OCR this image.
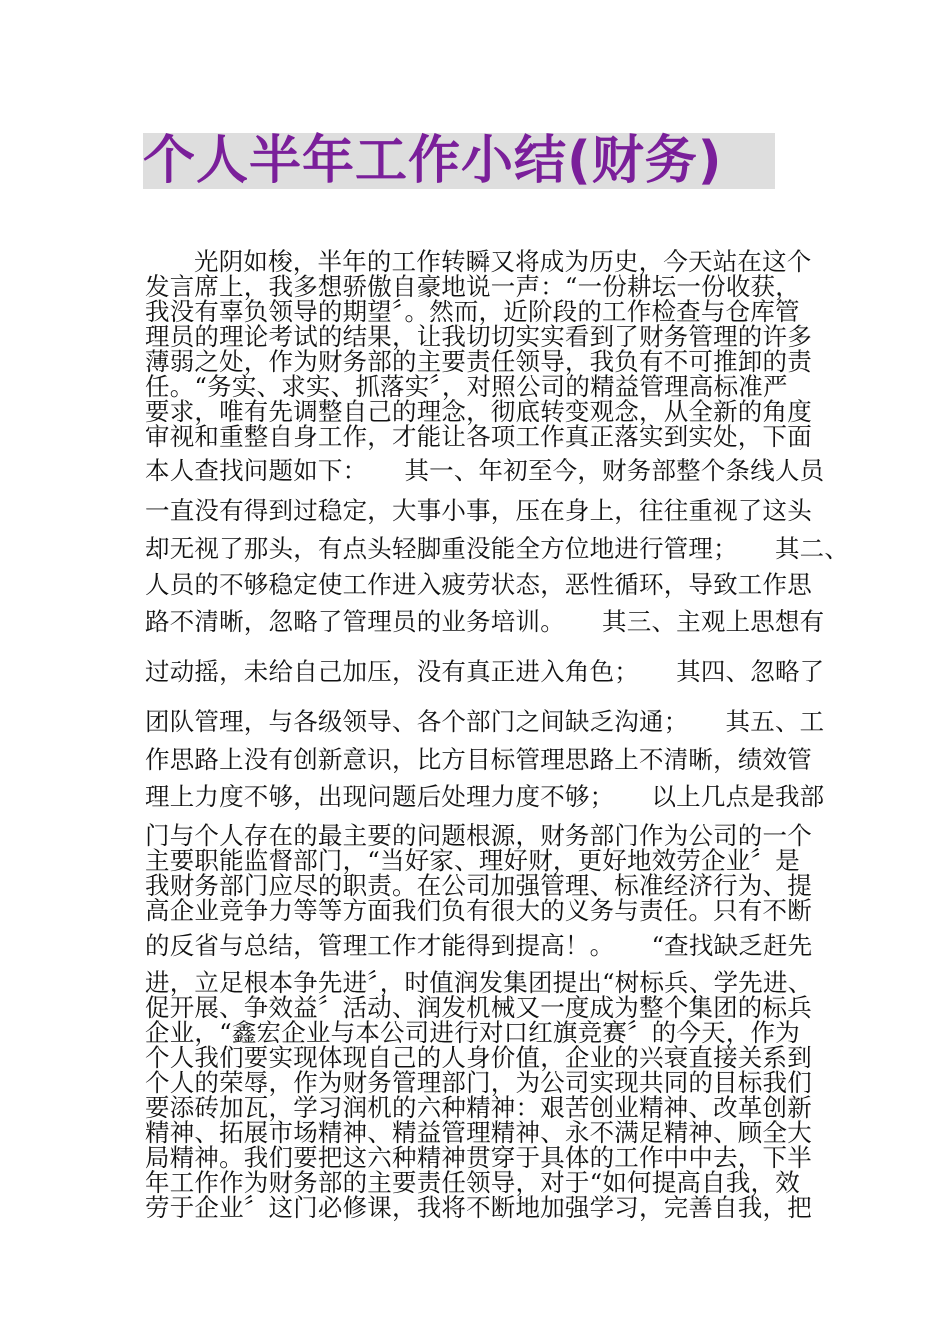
个人半年工作小结(财务)
光阴如梭，半年的工作转瞬又将成为历史，今天站在这个
发言席上，我多想骄傲自豪地说一声：“一份耕坛一份收获，
我没有辜负领导的期望〞。然而，近阶段的工作检查与仓库管
理员的理论考试的结果，让我切切实实看到了财务管理的许多
薄弱之处，作为财务部的主要责任领导，我负有不可推卸的责
任。“务实、求实、抓落实〞，对照公司的精益管理高标准严
要求，唯有先调整自己的理念，彻底转变观念，从全新的角度
审视和重整自身工作，才能让各项工作真正落实到实处，下面
本人查找问题如下：　　其一、年初至今，财务部整个条线人员
一直没有得到过稳定，大事小事，压在身上，往往重视了这头
却无视了那头，有点头轻脚重没能全方位地进行管理；　　其二、
人员的不够稳定使工作进入疲劳状态，恶性循环，导致工作思
路不清晰，忽略了管理员的业务培训。　　其三、主观上思想有
过动摇，未给自己加压，没有真正进入角色；　　其四、忽略了
团队管理，与各级领导、各个部门之间缺乏沟通；　　其五、工
作思路上没有创新意识，比方目标管理思路上不清晰，绩效管
理上力度不够，出现问题后处理力度不够；　　以上几点是我部
门与个人存在的最主要的问题根源，财务部门作为公司的一个
主要职能监督部门，“当好家、理好财，更好地效劳企业〞是
我财务部门应尽的职责。在公司加强管理、标准经济行为、提
高企业竞争力等等方面我们负有很大的义务与责任。只有不断
的反省与总结，管理工作才能得到提高！。　　“查找缺乏赶先
进，立足根本争先进〞，时值润发集团提出“树标兵、学先进、
促开展、争效益〞活动、润发机械又一度成为整个集团的标兵
企业，“鑫宏企业与本公司进行对口红旗竞赛〞的今天，作为
个人我们要实现体现自己的人身价值，企业的兴衰直接关系到
个人的荣辱，作为财务管理部门，为公司实现共同的目标我们
要添砖加瓦，学习润机的六种精神：艰苦创业精神、改革创新
精神、拓展市场精神、精益管理精神、永不满足精神、顾全大
局精神。我们要把这六种精神贯穿于具体的工作中中去，下半
年工作作为财务部的主要责任领导，对于“如何提高自我，效
劳于企业〞这门必修课，我将不断地加强学习，完善自我，把
